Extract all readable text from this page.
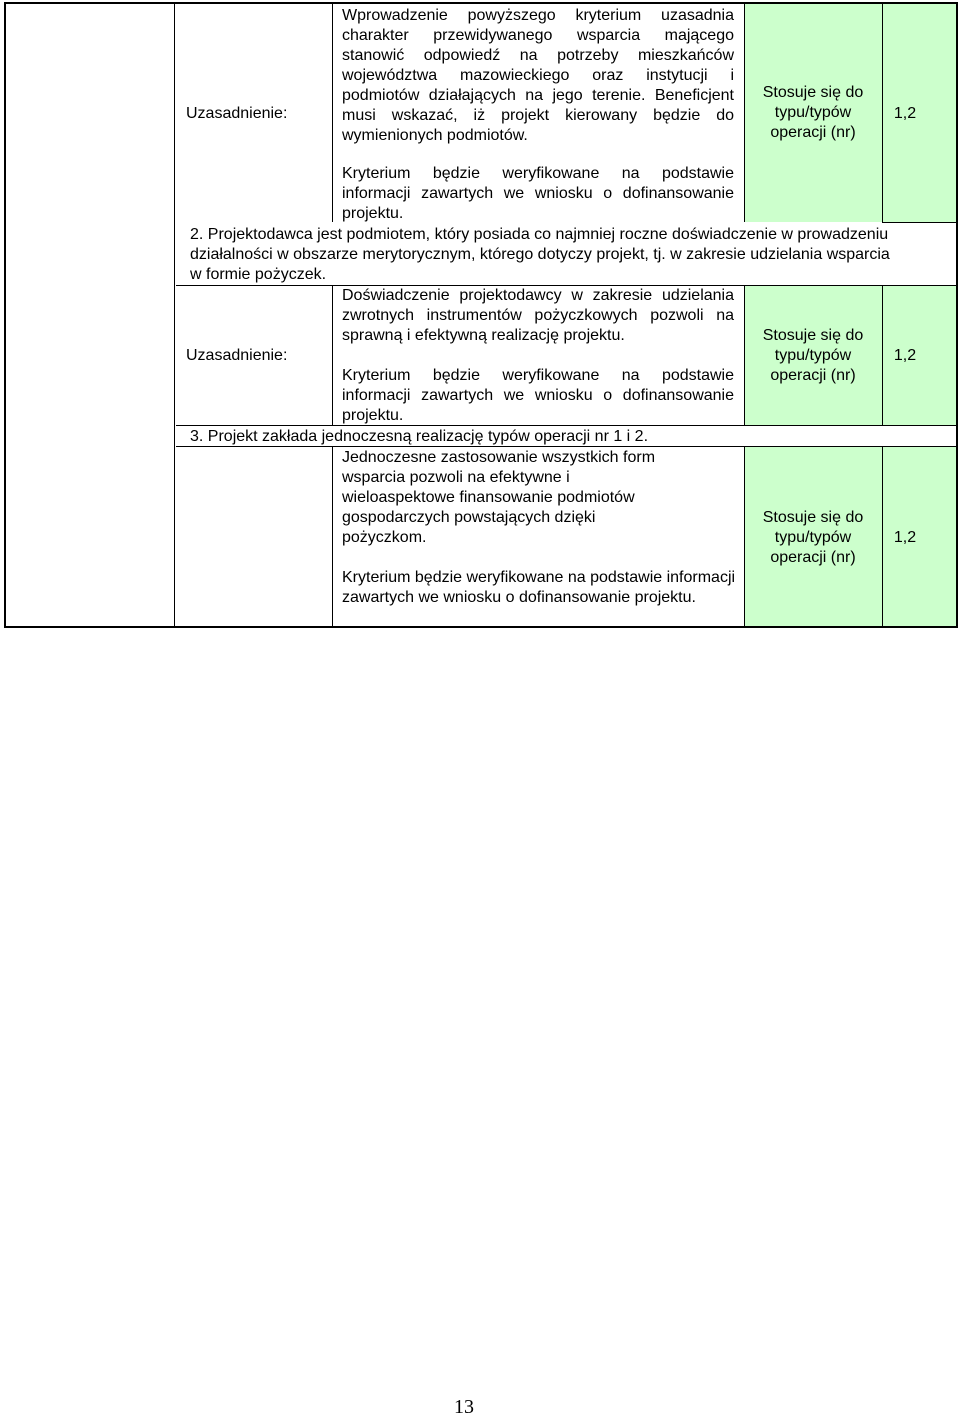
Uzasadnienie:
Wprowadzenie powyższego kryterium uzasadnia charakter przewidywanego wsparcia mającego stanowić odpowiedź na potrzeby mieszkańców województwa mazowieckiego oraz instytucji i podmiotów działających na jego terenie. Beneficjent musi wskazać, iż projekt kierowany będzie do wymienionych podmiotów.
Kryterium będzie weryfikowane na podstawie informacji zawartych we wniosku o dofinansowanie projektu.
Stosuje się do typu/typów operacji (nr)
1,2
2. Projektodawca jest podmiotem, który posiada co najmniej roczne doświadczenie w prowadzeniu działalności w obszarze merytorycznym, którego dotyczy projekt, tj. w zakresie udzielania wsparcia w formie pożyczek.
Uzasadnienie:
Doświadczenie projektodawcy w zakresie udzielania zwrotnych instrumentów pożyczkowych pozwoli na sprawną i efektywną realizację projektu.
Kryterium będzie weryfikowane na podstawie informacji zawartych we wniosku o dofinansowanie projektu.
Stosuje się do typu/typów operacji (nr)
1,2
3. Projekt zakłada jednoczesną realizację typów operacji nr 1 i 2.
Jednoczesne zastosowanie wszystkich form wsparcia pozwoli na efektywne i wieloaspektowe finansowanie podmiotów gospodarczych powstających dzięki pożyczkom.
Kryterium będzie weryfikowane na podstawie informacji zawartych we wniosku o dofinansowanie projektu.
Stosuje się do typu/typów operacji (nr)
1,2
13
